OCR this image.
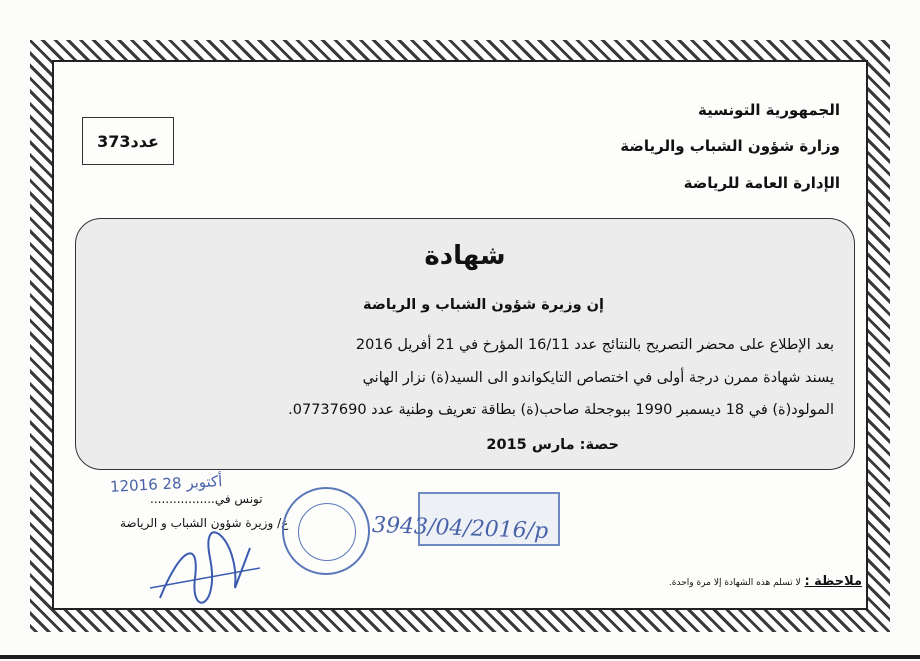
الجمهورية التونسية
وزارة شؤون الشباب والرياضة
الإدارة العامة للرياضة
373 عدد
شهادة
إن وزيرة شؤون الشباب و الرياضة
بعد الإطلاع على محضر التصريح بالنتائج عدد 16/11 المؤرخ في 21 أفريل 2016
يسند شهادة ممرن درجة أولى في اختصاص التايكواندو الى السيد(ة) نزار الهاني
المولود(ة) في 18 ديسمبر 1990 ببوجحلة صاحب(ة) بطاقة تعريف وطنية عدد 07737690.
حصة: مارس 2015
12016 أكتوبر 28
تونس في.................
ع/ وزيرة شؤون الشباب و الرياضة	3943/04/2016/p
ملاحظة : لا تسلم هذه الشهادة إلا مرة واحدة.
